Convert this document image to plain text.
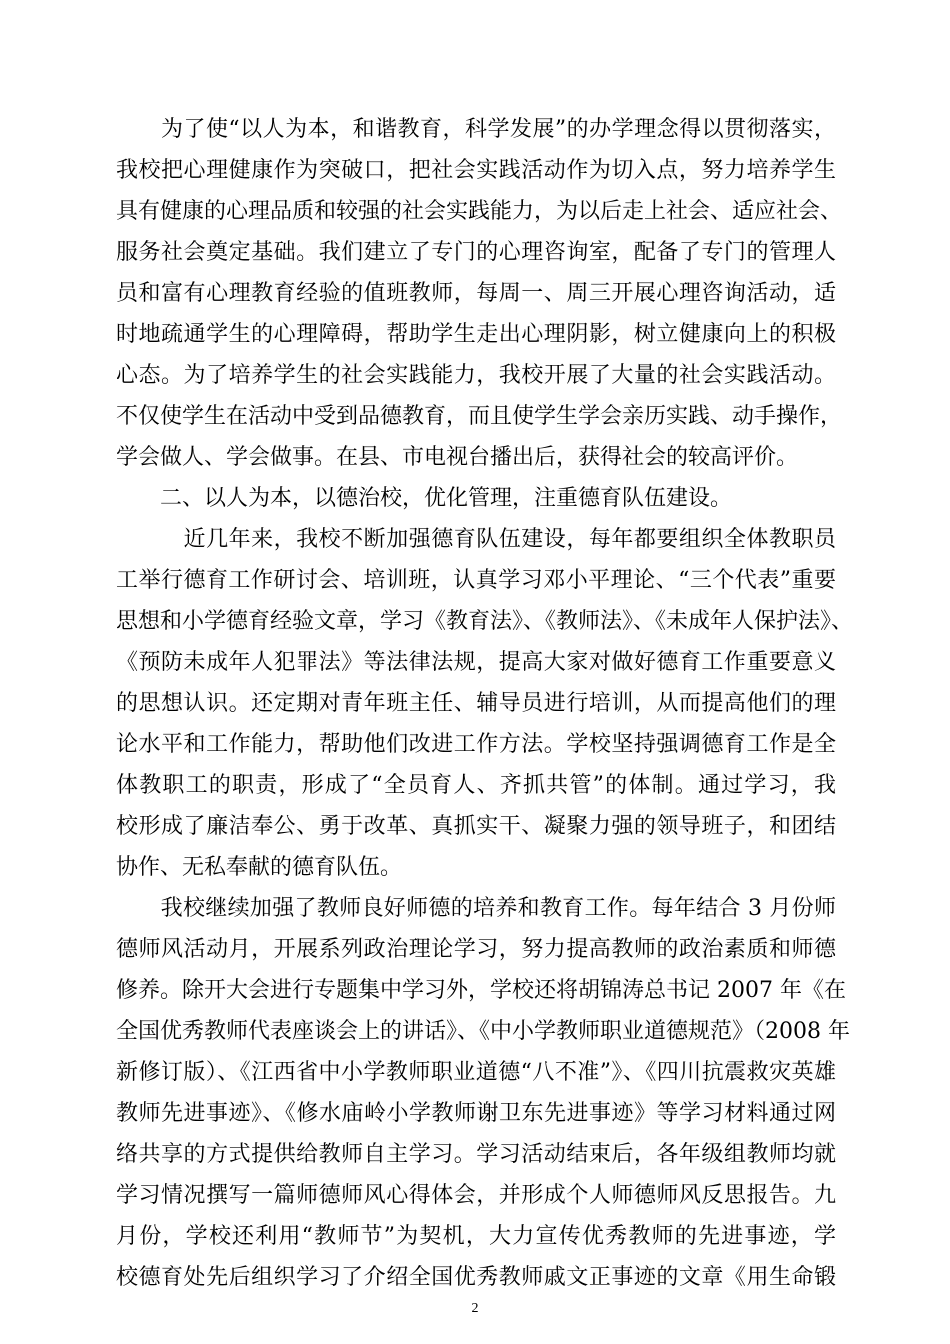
　　为了使“以人为本，和谐教育，科学发展”的办学理念得以贯彻落实，
我校把心理健康作为突破口，把社会实践活动作为切入点，努力培养学生
具有健康的心理品质和较强的社会实践能力，为以后走上社会、适应社会、
服务社会奠定基础。我们建立了专门的心理咨询室，配备了专门的管理人
员和富有心理教育经验的值班教师，每周一、周三开展心理咨询活动，适
时地疏通学生的心理障碍，帮助学生走出心理阴影，树立健康向上的积极
心态。为了培养学生的社会实践能力，我校开展了大量的社会实践活动。
不仅使学生在活动中受到品德教育，而且使学生学会亲历实践、动手操作，
学会做人、学会做事。在县、市电视台播出后，获得社会的较高评价。
　　二、以人为本，以德治校，优化管理，注重德育队伍建设。
　　　近几年来，我校不断加强德育队伍建设，每年都要组织全体教职员
工举行德育工作研讨会、培训班，认真学习邓小平理论、“三个代表”重要
思想和小学德育经验文章，学习《教育法》、《教师法》、《未成年人保护法》、
《预防未成年人犯罪法》等法律法规，提高大家对做好德育工作重要意义
的思想认识。还定期对青年班主任、辅导员进行培训，从而提高他们的理
论水平和工作能力，帮助他们改进工作方法。学校坚持强调德育工作是全
体教职工的职责，形成了“全员育人、齐抓共管”的体制。通过学习，我
校形成了廉洁奉公、勇于改革、真抓实干、凝聚力强的领导班子，和团结
协作、无私奉献的德育队伍。
　　我校继续加强了教师良好师德的培养和教育工作。每年结合 3 月份师
德师风活动月，开展系列政治理论学习，努力提高教师的政治素质和师德
修养。除开大会进行专题集中学习外，学校还将胡锦涛总书记 2007 年《在
全国优秀教师代表座谈会上的讲话》、《中小学教师职业道德规范》（2008 年
新修订版）、《江西省中小学教师职业道德“八不准”》、《四川抗震救灾英雄
教师先进事迹》、《修水庙岭小学教师谢卫东先进事迹》等学习材料通过网
络共享的方式提供给教师自主学习。学习活动结束后，各年级组教师均就
学习情况撰写一篇师德师风心得体会，并形成个人师德师风反思报告。九
月份，学校还利用“教师节”为契机，大力宣传优秀教师的先进事迹，学
校德育处先后组织学习了介绍全国优秀教师戚文正事迹的文章《用生命锻
2
